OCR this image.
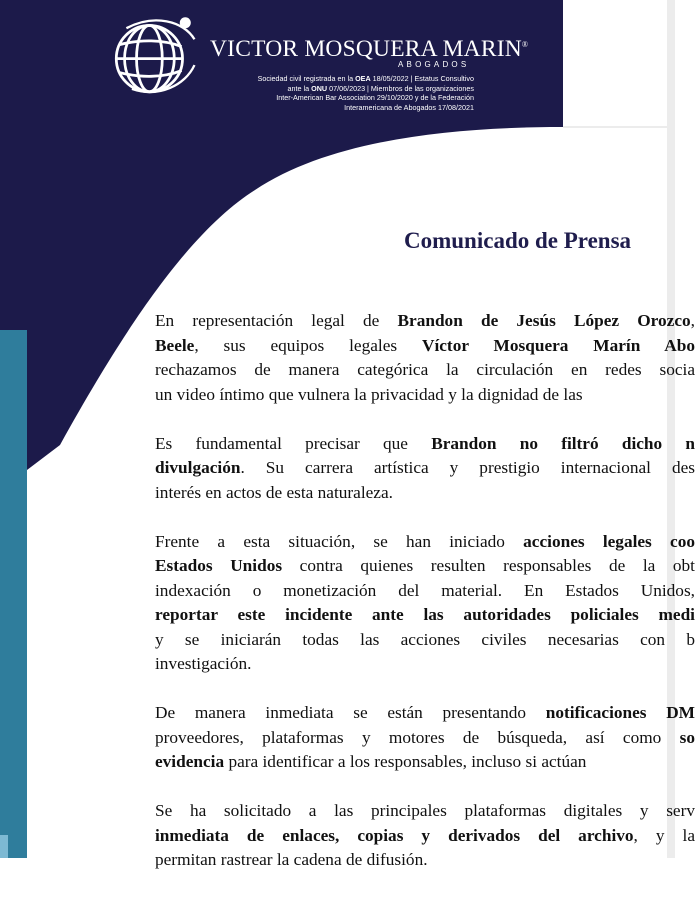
VICTOR MOSQUERA MARIN®
ABOGADOS
Sociedad civil registrada en la OEA 18/05/2022 | Estatus Consultivo
ante la ONU 07/06/2023 | Miembros de las organizaciones
Inter-American Bar Association 29/10/2020 y de la Federación
Interamericana de Abogados 17/08/2021
Comunicado de Prensa
En representación legal de Brandon de Jesús López Orozco,
Beele, sus equipos legales Víctor Mosquera Marín Abo
rechazamos de manera categórica la circulación en redes socia
un video íntimo que vulnera la privacidad y la dignidad de las
Es fundamental precisar que Brandon no filtró dicho n
divulgación. Su carrera artística y prestigio internacional des
interés en actos de esta naturaleza.
Frente a esta situación, se han iniciado acciones legales coo
Estados Unidos contra quienes resulten responsables de la obt
indexación o monetización del material. En Estados Unidos,
reportar este incidente ante las autoridades policiales medi
y se iniciarán todas las acciones civiles necesarias con b
investigación.
De manera inmediata se están presentando notificaciones DM
proveedores, plataformas y motores de búsqueda, así como so
evidencia para identificar a los responsables, incluso si actúan
Se ha solicitado a las principales plataformas digitales y serv
inmediata de enlaces, copias y derivados del archivo, y la
permitan rastrear la cadena de difusión.
